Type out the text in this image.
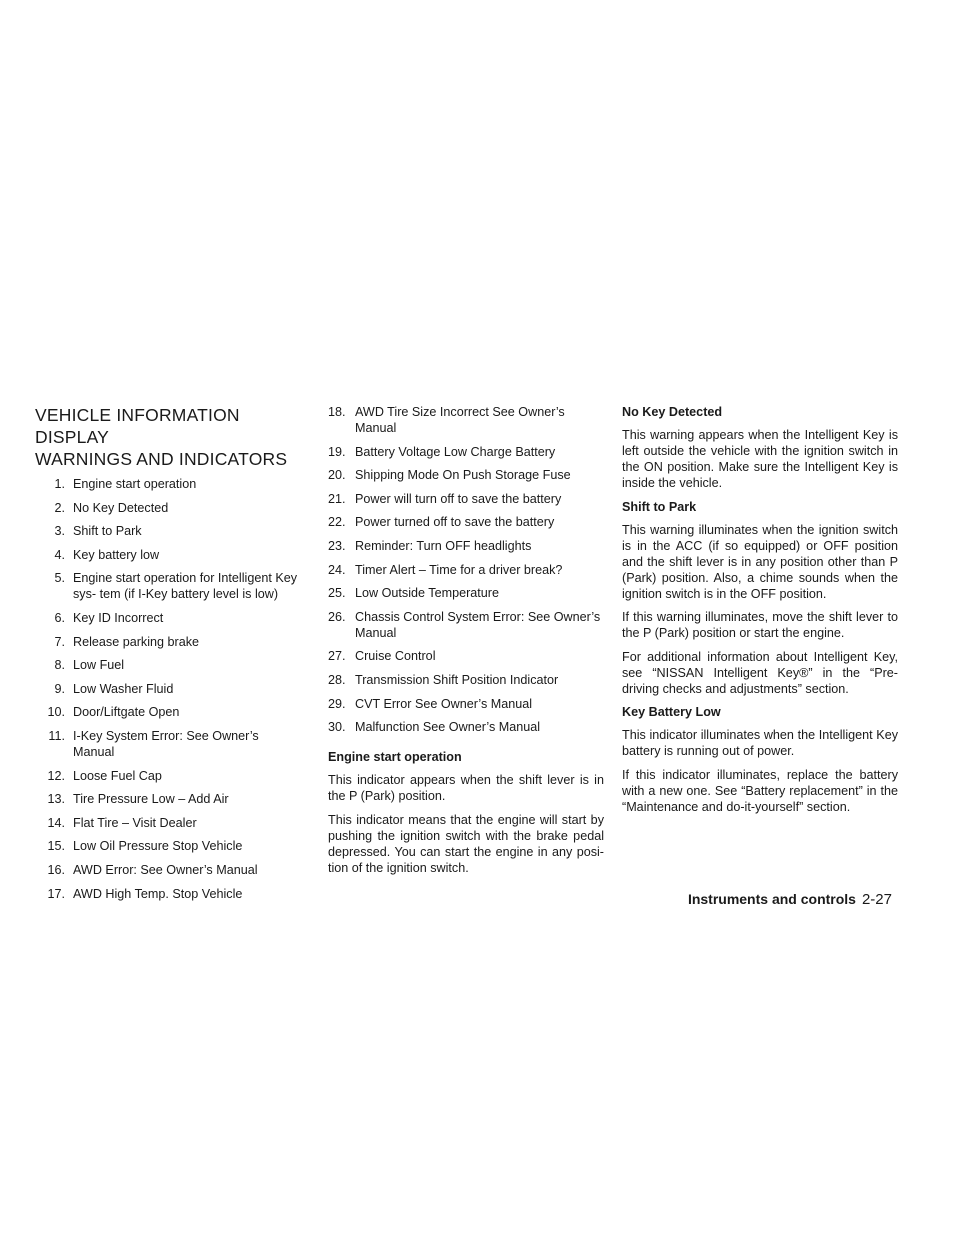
VEHICLE INFORMATION DISPLAY
WARNINGS AND INDICATORS
1. Engine start operation
2. No Key Detected
3. Shift to Park
4. Key battery low
5. Engine start operation for Intelligent Key sys- tem (if I-Key battery level is low)
6. Key ID Incorrect
7. Release parking brake
8. Low Fuel
9. Low Washer Fluid
10. Door/Liftgate Open
11. I-Key System Error: See Owner’s Manual
12. Loose Fuel Cap
13. Tire Pressure Low – Add Air
14. Flat Tire – Visit Dealer
15. Low Oil Pressure Stop Vehicle
16. AWD Error: See Owner’s Manual
17. AWD High Temp. Stop Vehicle
18. AWD Tire Size Incorrect See Owner’s Manual
19. Battery Voltage Low Charge Battery
20. Shipping Mode On Push Storage Fuse
21. Power will turn off to save the battery
22. Power turned off to save the battery
23. Reminder: Turn OFF headlights
24. Timer Alert – Time for a driver break?
25. Low Outside Temperature
26. Chassis Control System Error: See Owner’s Manual
27. Cruise Control
28. Transmission Shift Position Indicator
29. CVT Error See Owner’s Manual
30. Malfunction See Owner’s Manual
Engine start operation

This indicator appears when the shift lever is in the P (Park) position.

This indicator means that the engine will start by pushing the ignition switch with the brake pedal depressed. You can start the engine in any posi- tion of the ignition switch.

No Key Detected

This warning appears when the Intelligent Key is left outside the vehicle with the ignition switch in the ON position. Make sure the Intelligent Key is inside the vehicle.

Shift to Park

This warning illuminates when the ignition switch is in the ACC (if so equipped) or OFF position and the shift lever is in any position other than P (Park) position. Also, a chime sounds when the ignition switch is in the OFF position.

If this warning illuminates, move the shift lever to the P (Park) position or start the engine.

For additional information about Intelligent Key, see “NISSAN Intelligent Key®” in the “Pre- driving checks and adjustments” section.

Key Battery Low

This indicator illuminates when the Intelligent Key battery is running out of power.

If this indicator illuminates, replace the battery with a new one. See “Battery replacement” in the “Maintenance and do-it-yourself” section.

Instruments and controls 2-27
